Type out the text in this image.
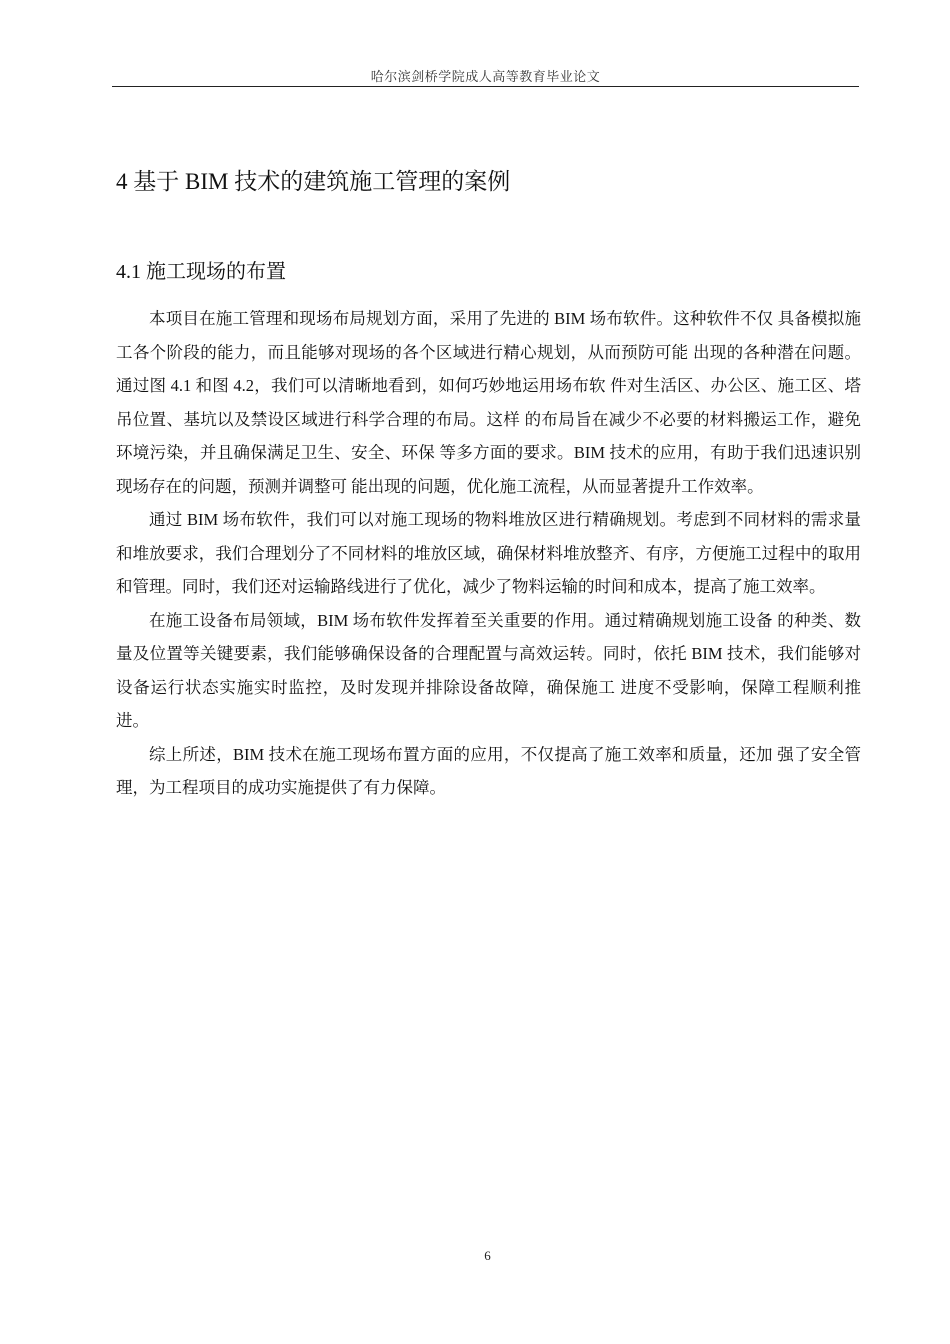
哈尔滨剑桥学院成人高等教育毕业论文
4 基于 BIM 技术的建筑施工管理的案例
4.1 施工现场的布置

本项目在施工管理和现场布局规划方面，采用了先进的 BIM 场布软件。这种软件不仅 具备模拟施工各个阶段的能力，而且能够对现场的各个区域进行精心规划，从而预防可能 出现的各种潜在问题。通过图 4.1 和图 4.2，我们可以清晰地看到，如何巧妙地运用场布软 件对生活区、办公区、施工区、塔吊位置、基坑以及禁设区域进行科学合理的布局。这样 的布局旨在减少不必要的材料搬运工作，避免环境污染，并且确保满足卫生、安全、环保 等多方面的要求。BIM 技术的应用，有助于我们迅速识别现场存在的问题，预测并调整可 能出现的问题，优化施工流程，从而显著提升工作效率。

通过 BIM 场布软件，我们可以对施工现场的物料堆放区进行精确规划。考虑到不同材料的需求量和堆放要求，我们合理划分了不同材料的堆放区域，确保材料堆放整齐、有序，方便施工过程中的取用和管理。同时，我们还对运输路线进行了优化，减少了物料运输的时间和成本，提高了施工效率。

在施工设备布局领域，BIM 场布软件发挥着至关重要的作用。通过精确规划施工设备 的种类、数量及位置等关键要素，我们能够确保设备的合理配置与高效运转。同时，依托 BIM 技术，我们能够对设备运行状态实施实时监控，及时发现并排除设备故障，确保施工 进度不受影响，保障工程顺利推进。

综上所述，BIM 技术在施工现场布置方面的应用，不仅提高了施工效率和质量，还加 强了安全管理，为工程项目的成功实施提供了有力保障。

6
